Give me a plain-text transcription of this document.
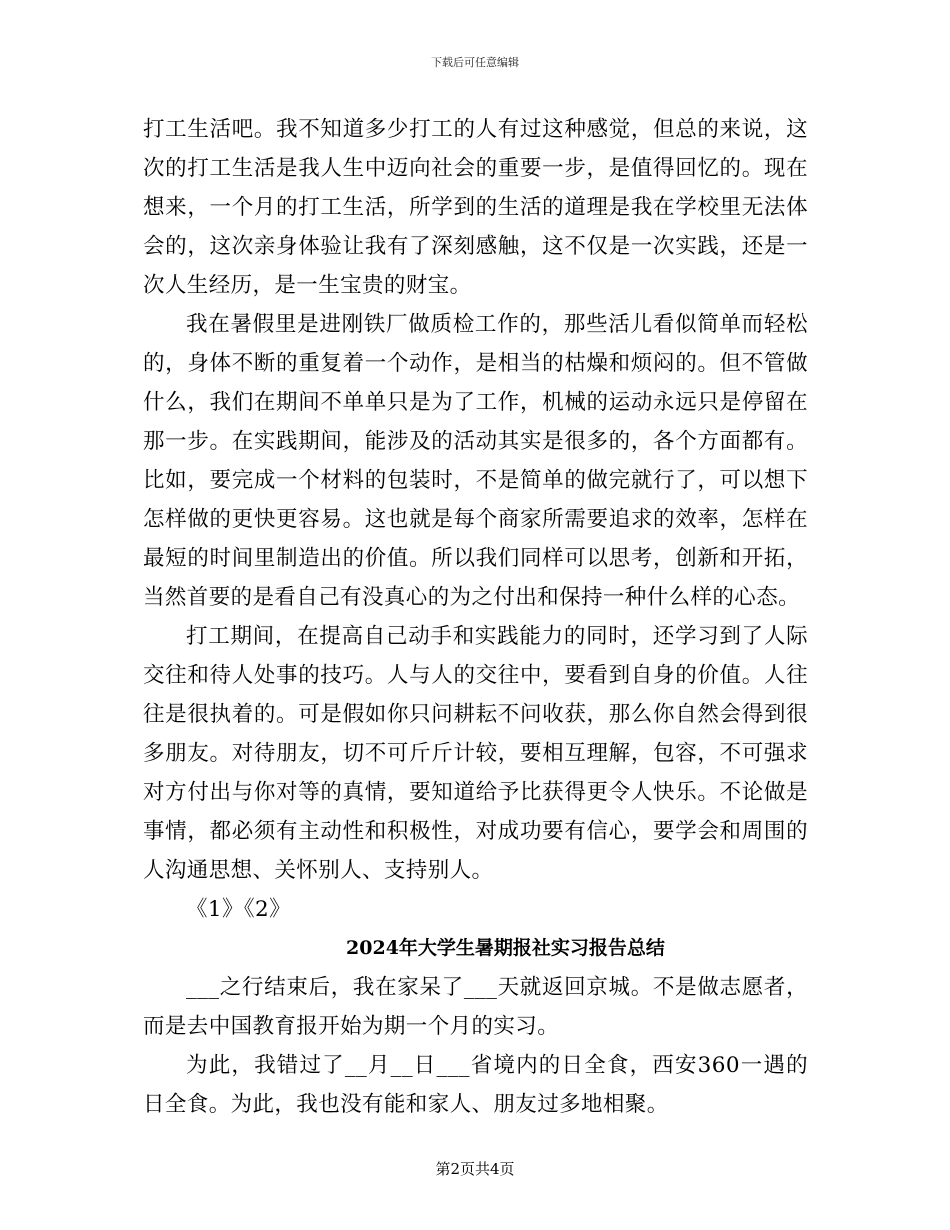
下载后可任意编辑

打工生活吧。我不知道多少打工的人有过这种感觉，但总的来说，这次的打工生活是我人生中迈向社会的重要一步，是值得回忆的。现在想来，一个月的打工生活，所学到的生活的道理是我在学校里无法体会的，这次亲身体验让我有了深刻感触，这不仅是一次实践，还是一次人生经历，是一生宝贵的财宝。

我在暑假里是进刚铁厂做质检工作的，那些活儿看似简单而轻松的，身体不断的重复着一个动作，是相当的枯燥和烦闷的。但不管做什么，我们在期间不单单只是为了工作，机械的运动永远只是停留在那一步。在实践期间，能涉及的活动其实是很多的，各个方面都有。比如，要完成一个材料的包装时，不是简单的做完就行了，可以想下怎样做的更快更容易。这也就是每个商家所需要追求的效率，怎样在最短的时间里制造出的价值。所以我们同样可以思考，创新和开拓，当然首要的是看自己有没真心的为之付出和保持一种什么样的心态。

打工期间，在提高自己动手和实践能力的同时，还学习到了人际交往和待人处事的技巧。人与人的交往中，要看到自身的价值。人往往是很执着的。可是假如你只问耕耘不问收获，那么你自然会得到很多朋友。对待朋友，切不可斤斤计较，要相互理解，包容，不可强求对方付出与你对等的真情，要知道给予比获得更令人快乐。不论做是事情，都必须有主动性和积极性，对成功要有信心，要学会和周围的人沟通思想、关怀别人、支持别人。

《1》《2》

2024年大学生暑期报社实习报告总结

___之行结束后，我在家呆了___天就返回京城。不是做志愿者，而是去中国教育报开始为期一个月的实习。

为此，我错过了__月__日___省境内的日全食，西安360一遇的日全食。为此，我也没有能和家人、朋友过多地相聚。

第2页共4页
